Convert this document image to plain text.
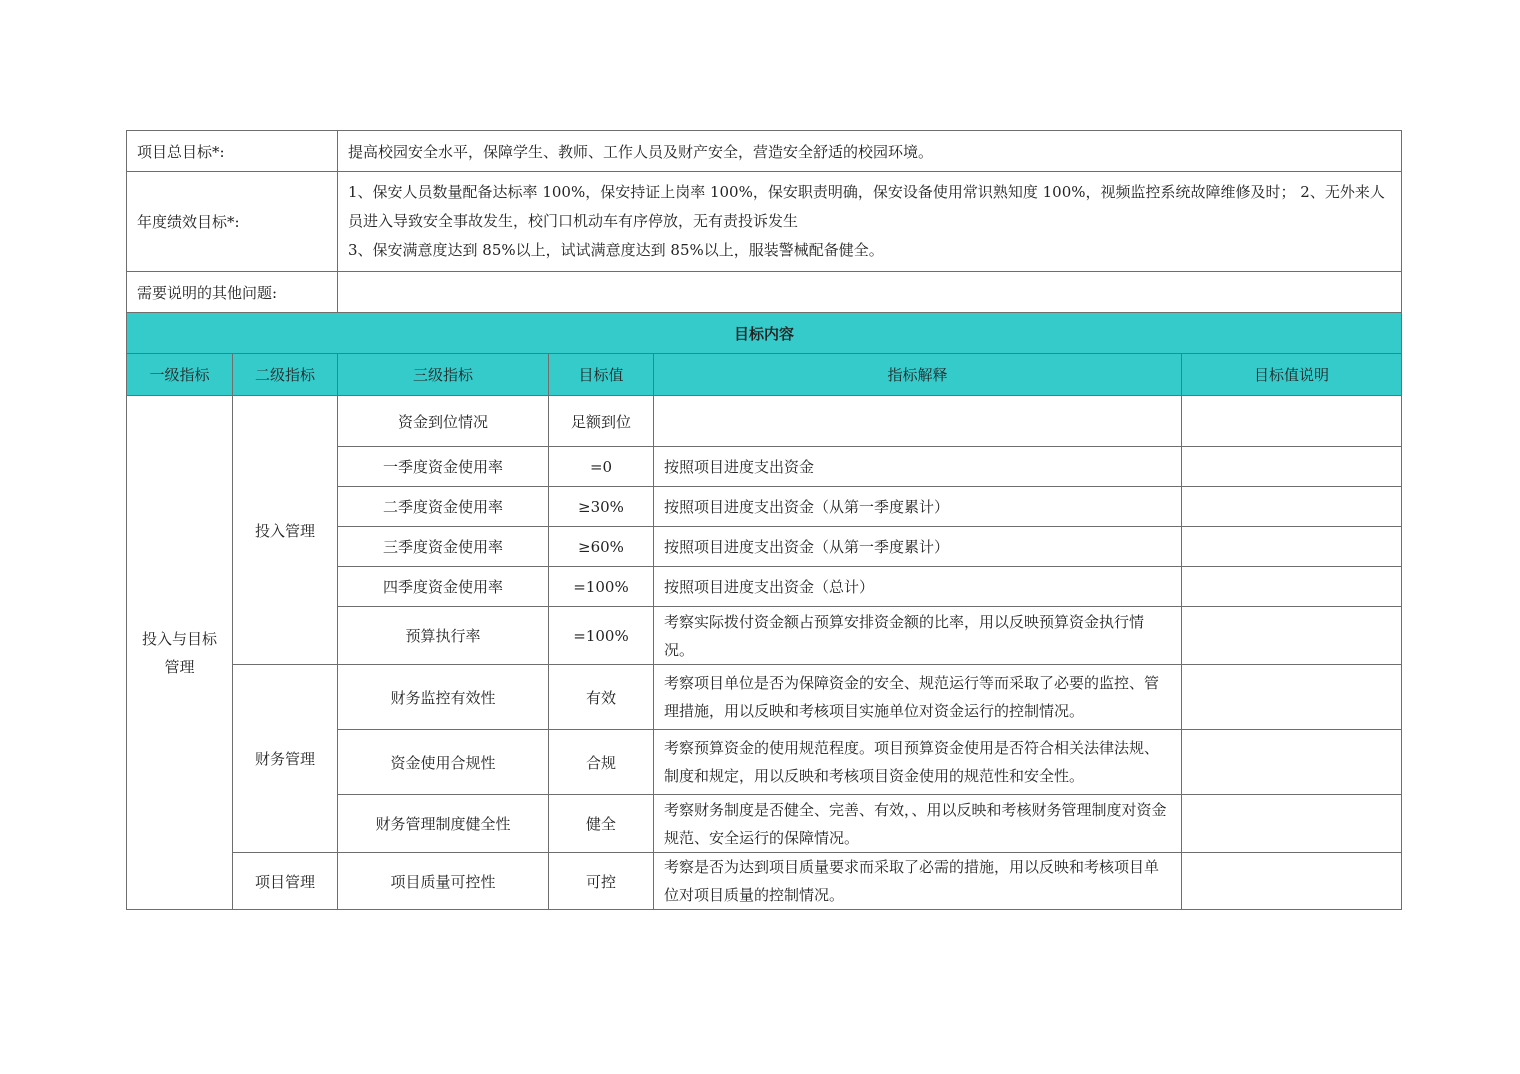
项目总目标*:		提高校园安全水平，保障学生、教师、工作人员及财产安全，营造安全舒适的校园环境。			
年度绩效目标*:		1、保安人员数量配备达标率 100%，保安持证上岗率 100%，保安职责明确，保安设备使用常识熟知度 100%，视频监控系统故障维修及时； 2、无外来人员进入导致安全事故发生，校门口机动车有序停放，无有责投诉发生
3、保安满意度达到 85%以上，试试满意度达到 85%以上，服装警械配备健全。			

需要说明的其他问题:					
目标内容					
一级指标	二级指标	三级指标	目标值	指标解释	目标值说明
投入与目标管理	投入管理	资金到位情况	足额到位		
		一季度资金使用率	=0	按照项目进度支出资金	
		二季度资金使用率	≥30%	按照项目进度支出资金（从第一季度累计）	
		三季度资金使用率	≥60%	按照项目进度支出资金（从第一季度累计）	
		四季度资金使用率	=100%	按照项目进度支出资金（总计）	
		预算执行率	=100%	考察实际拨付资金额占预算安排资金额的比率，用以反映预算资金执行情况。	
	财务管理	财务监控有效性	有效	考察项目单位是否为保障资金的安全、规范运行等而采取了必要的监控、管理措施，用以反映和考核项目实施单位对资金运行的控制情况。	
		资金使用合规性	合规	考察预算资金的使用规范程度。项目预算资金使用是否符合相关法律法规、制度和规定，用以反映和考核项目资金使用的规范性和安全性。	
		财务管理制度健全性	健全	考察财务制度是否健全、完善、有效，、用以反映和考核财务管理制度对资金规范、安全运行的保障情况。	
	项目管理	项目质量可控性	可控	考察是否为达到项目质量要求而采取了必需的措施，用以反映和考核项目单位对项目质量的控制情况。	
